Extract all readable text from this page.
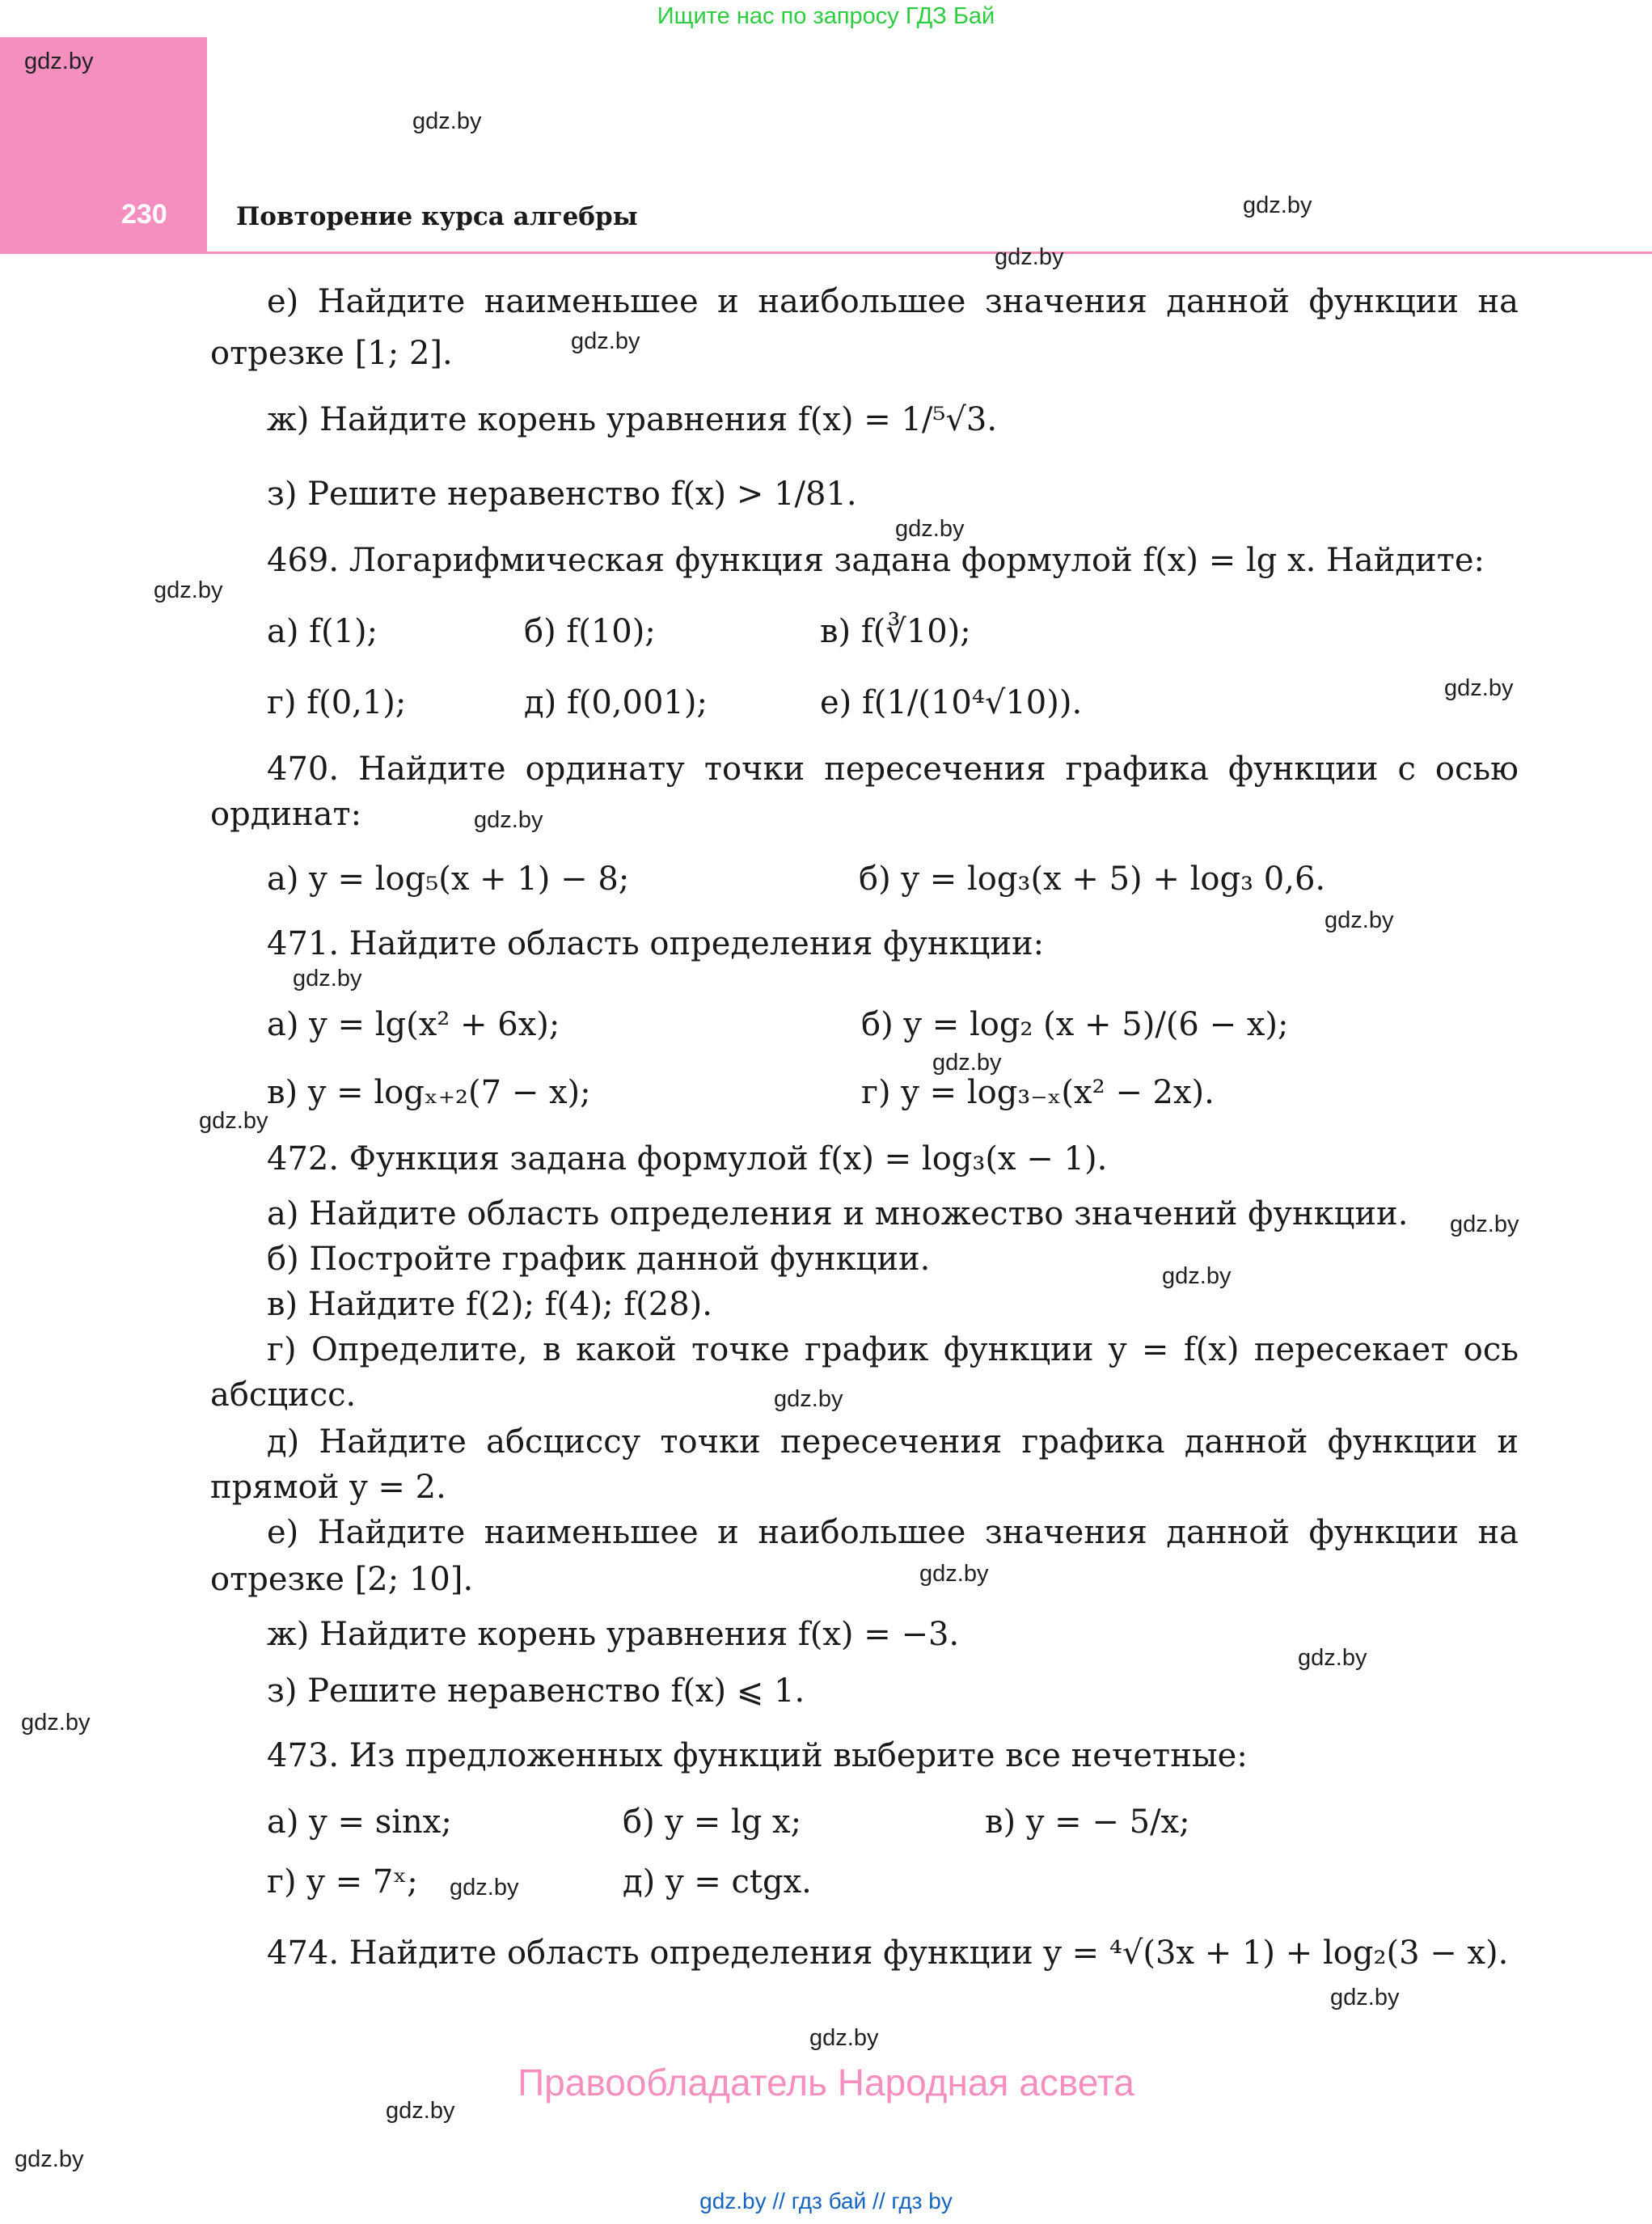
Ищите нас по запросу ГДЗ Бай
230	Повторение курса алгебры
gdz.by
gdz.by
gdz.by
gdz.by
gdz.by
gdz.by
gdz.by
gdz.by
gdz.by
gdz.by
gdz.by
gdz.by
gdz.by
gdz.by
gdz.by
gdz.by
gdz.by
gdz.by
gdz.by
gdz.by
gdz.by
gdz.by
gdz.by
gdz.by
е) Найдите наименьшее и наибольшее значения данной функции на
отрезке [1; 2].
ж) Найдите корень уравнения f(x) = 1/⁵√3.
з) Решите неравенство f(x) > 1/81.
469. Логарифмическая функция задана формулой f(x) = lg x. Найдите:
а) f(1);	б) f(10);	в) f(∛10);
г) f(0,1);	д) f(0,001);	е) f(1/(10⁴√10)).
470. Найдите ординату точки пересечения графика функции с осью
ординат:
а) y = log₅(x + 1) − 8;	б) y = log₃(x + 5) + log₃ 0,6.
471. Найдите область определения функции:
а) y = lg(x² + 6x);	б) y = log₂ (x + 5)/(6 − x);
в) y = logₓ₊₂(7 − x);	г) y = log₃₋ₓ(x² − 2x).
472. Функция задана формулой f(x) = log₃(x − 1).
а) Найдите область определения и множество значений функции.
б) Постройте график данной функции.
в) Найдите f(2); f(4); f(28).
г) Определите, в какой точке график функции y = f(x) пересекает ось
абсцисс.
д) Найдите абсциссу точки пересечения графика данной функции и
прямой y = 2.
е) Найдите наименьшее и наибольшее значения данной функции на
отрезке [2; 10].
ж) Найдите корень уравнения f(x) = −3.
з) Решите неравенство f(x) ⩽ 1.
473. Из предложенных функций выберите все нечетные:
а) y = sinx;	б) y = lg x;	в) y = − 5/x;
г) y = 7ˣ;	д) y = ctgx.
474. Найдите область определения функции y = ⁴√(3x + 1) + log₂(3 − x).
Правообладатель Народная асвета
gdz.by // гдз бай // гдз by
